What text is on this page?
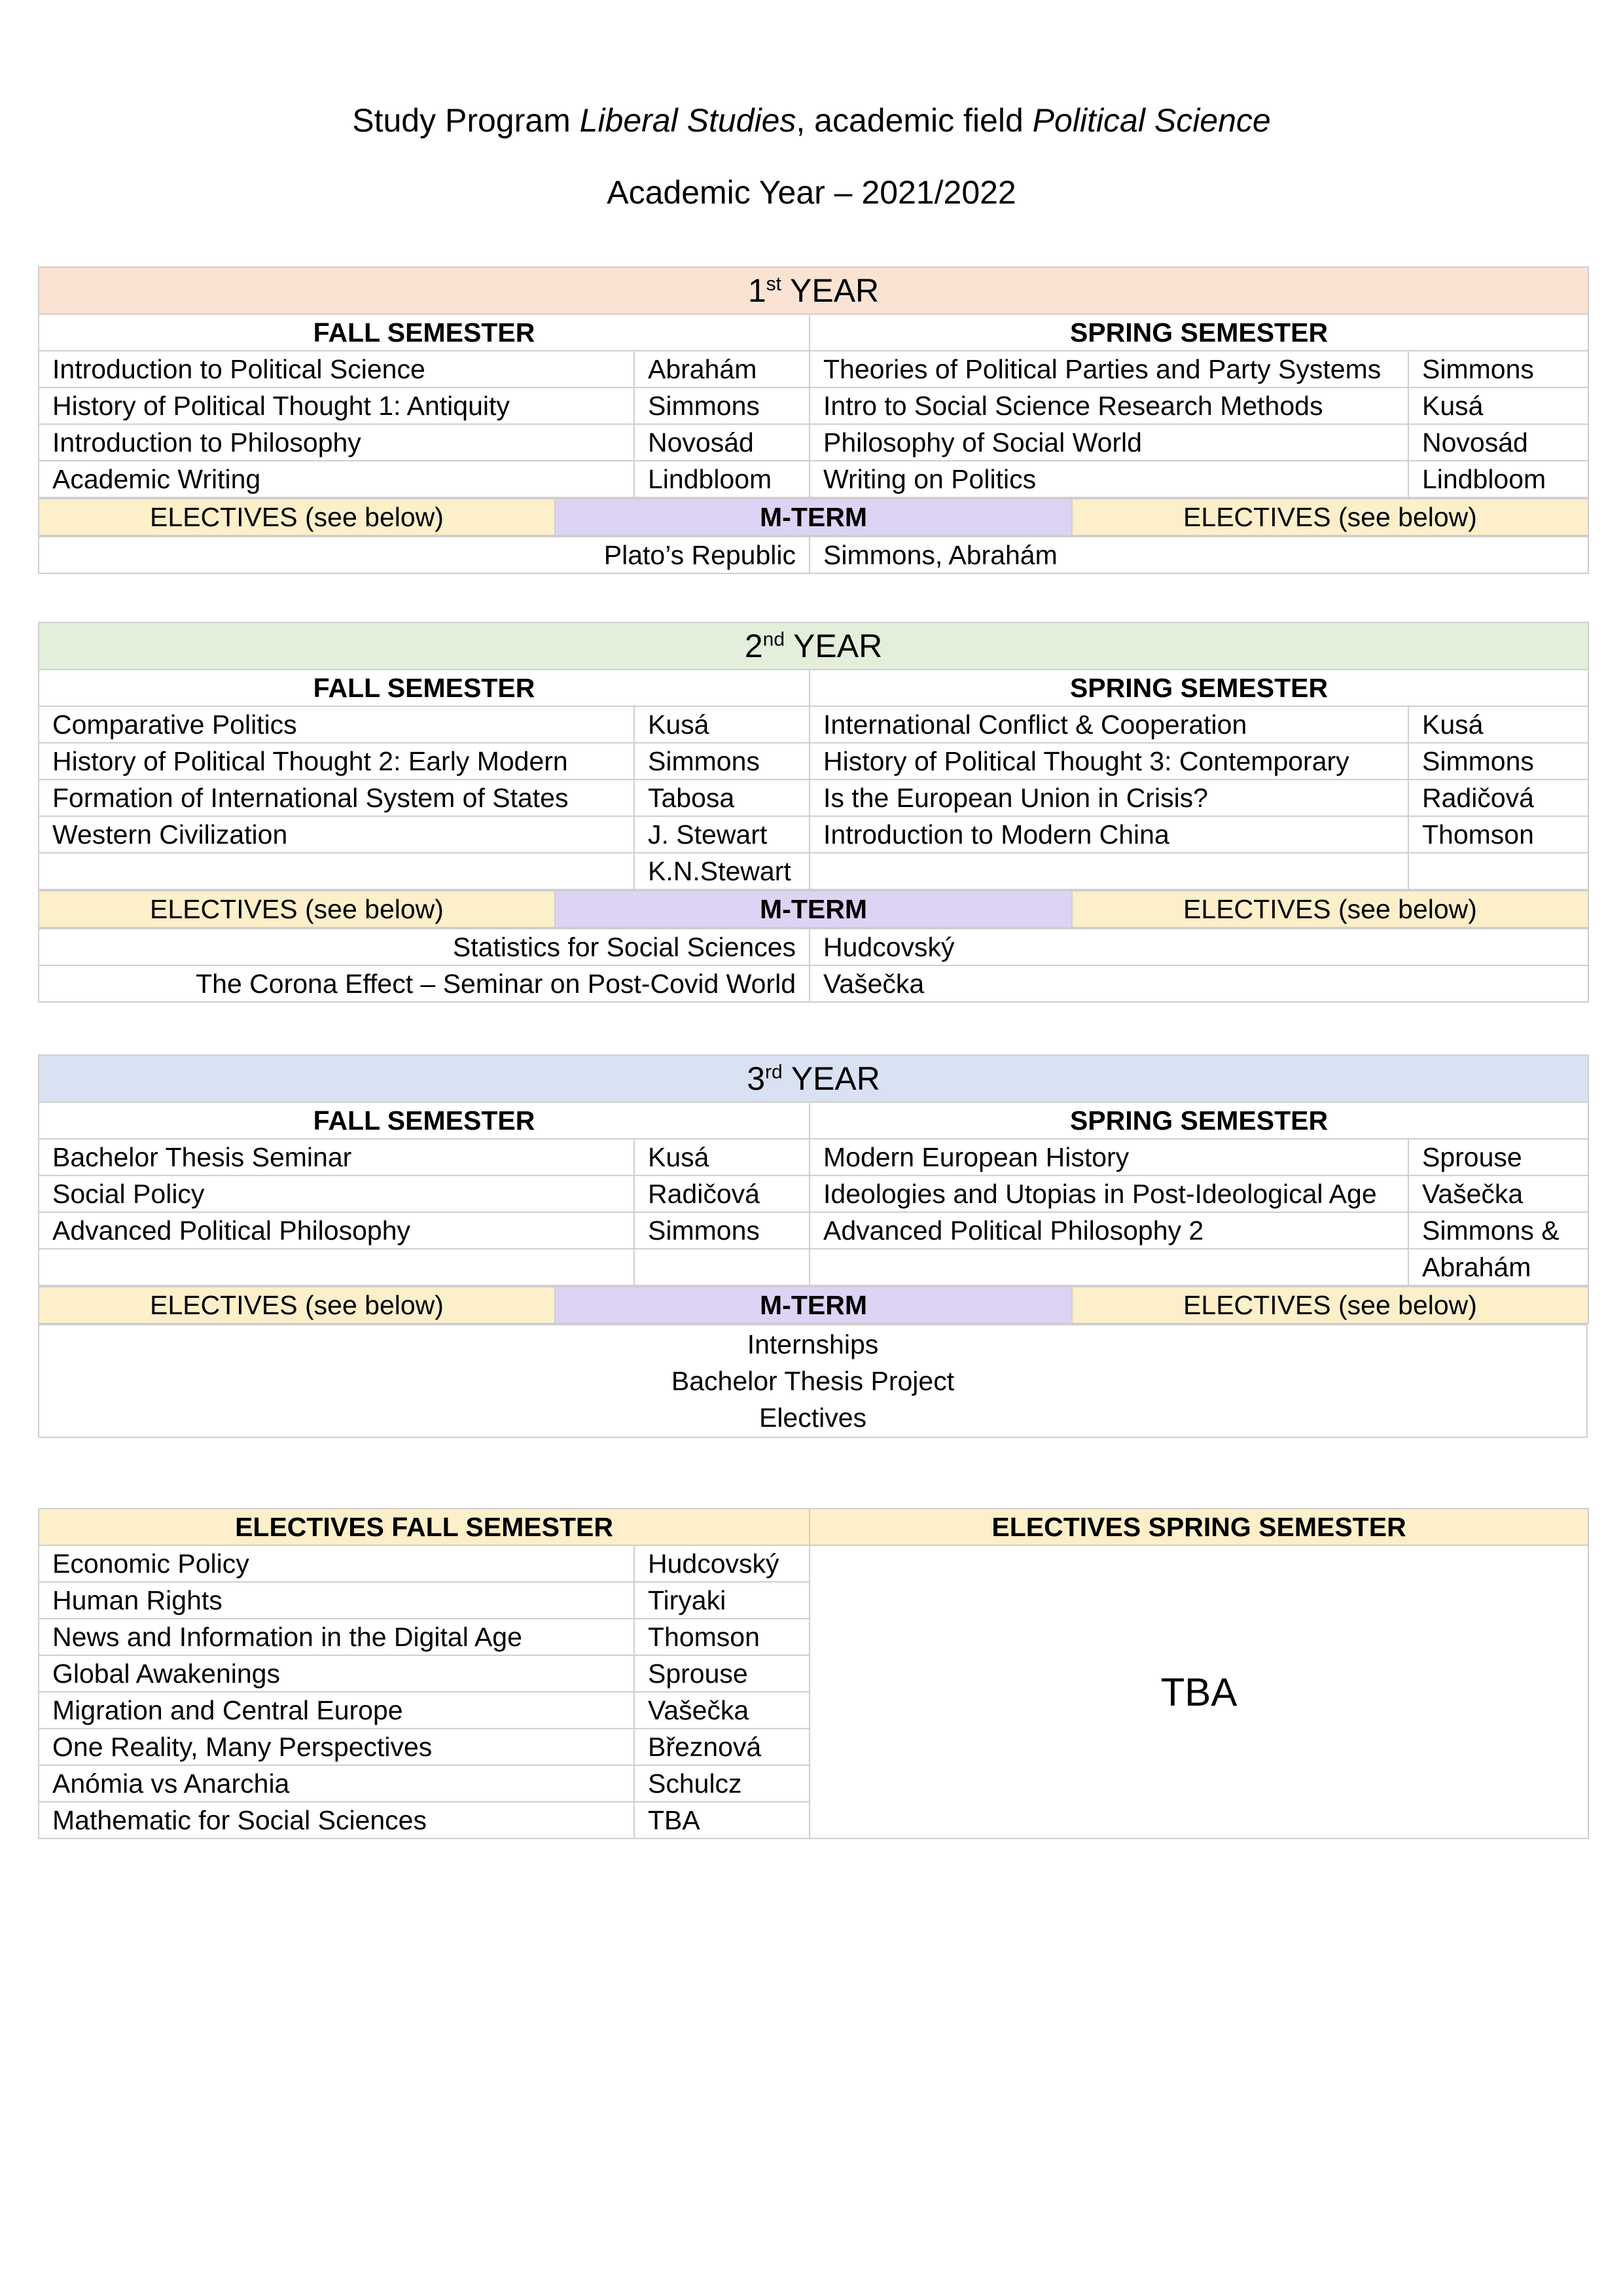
Study Program Liberal Studies, academic field Political Science
Academic Year – 2021/2022
1st YEAR			
FALL SEMESTER		SPRING SEMESTER	
Introduction to Political Science	Abrahám	Theories of Political Parties and Party Systems	Simmons
History of Political Thought 1: Antiquity	Simmons	Intro to Social Science Research Methods	Kusá
Introduction to Philosophy	Novosád	Philosophy of Social World	Novosád
Academic Writing	Lindbloom	Writing on Politics	Lindbloom
ELECTIVES (see below)	M-TERM	ELECTIVES (see below)
Plato’s Republic	Simmons, Abrahám
2nd YEAR			
FALL SEMESTER		SPRING SEMESTER	
Comparative Politics	Kusá	International Conflict & Cooperation	Kusá
History of Political Thought 2: Early Modern	Simmons	History of Political Thought 3: Contemporary	Simmons
Formation of International System of States	Tabosa	Is the European Union in Crisis?	Radičová
Western Civilization	J. Stewart	Introduction to Modern China	Thomson
	K.N.Stewart		
ELECTIVES (see below)	M-TERM	ELECTIVES (see below)
Statistics for Social Sciences	Hudcovský
The Corona Effect – Seminar on Post-Covid World	Vašečka
3rd YEAR			
FALL SEMESTER		SPRING SEMESTER	
Bachelor Thesis Seminar	Kusá	Modern European History	Sprouse
Social Policy	Radičová	Ideologies and Utopias in Post-Ideological Age	Vašečka
Advanced Political Philosophy	Simmons	Advanced Political Philosophy 2	Simmons &
			Abrahám
ELECTIVES (see below)	M-TERM	ELECTIVES (see below)
Internships
Bachelor Thesis Project
Electives
ELECTIVES FALL SEMESTER		ELECTIVES SPRING SEMESTER
Economic Policy	Hudcovský	TBA
Human Rights	Tiryaki	
News and Information in the Digital Age	Thomson	
Global Awakenings	Sprouse	
Migration and Central Europe	Vašečka	
One Reality, Many Perspectives	Březnová	
Anómia vs Anarchia	Schulcz	
Mathematic for Social Sciences	TBA	
